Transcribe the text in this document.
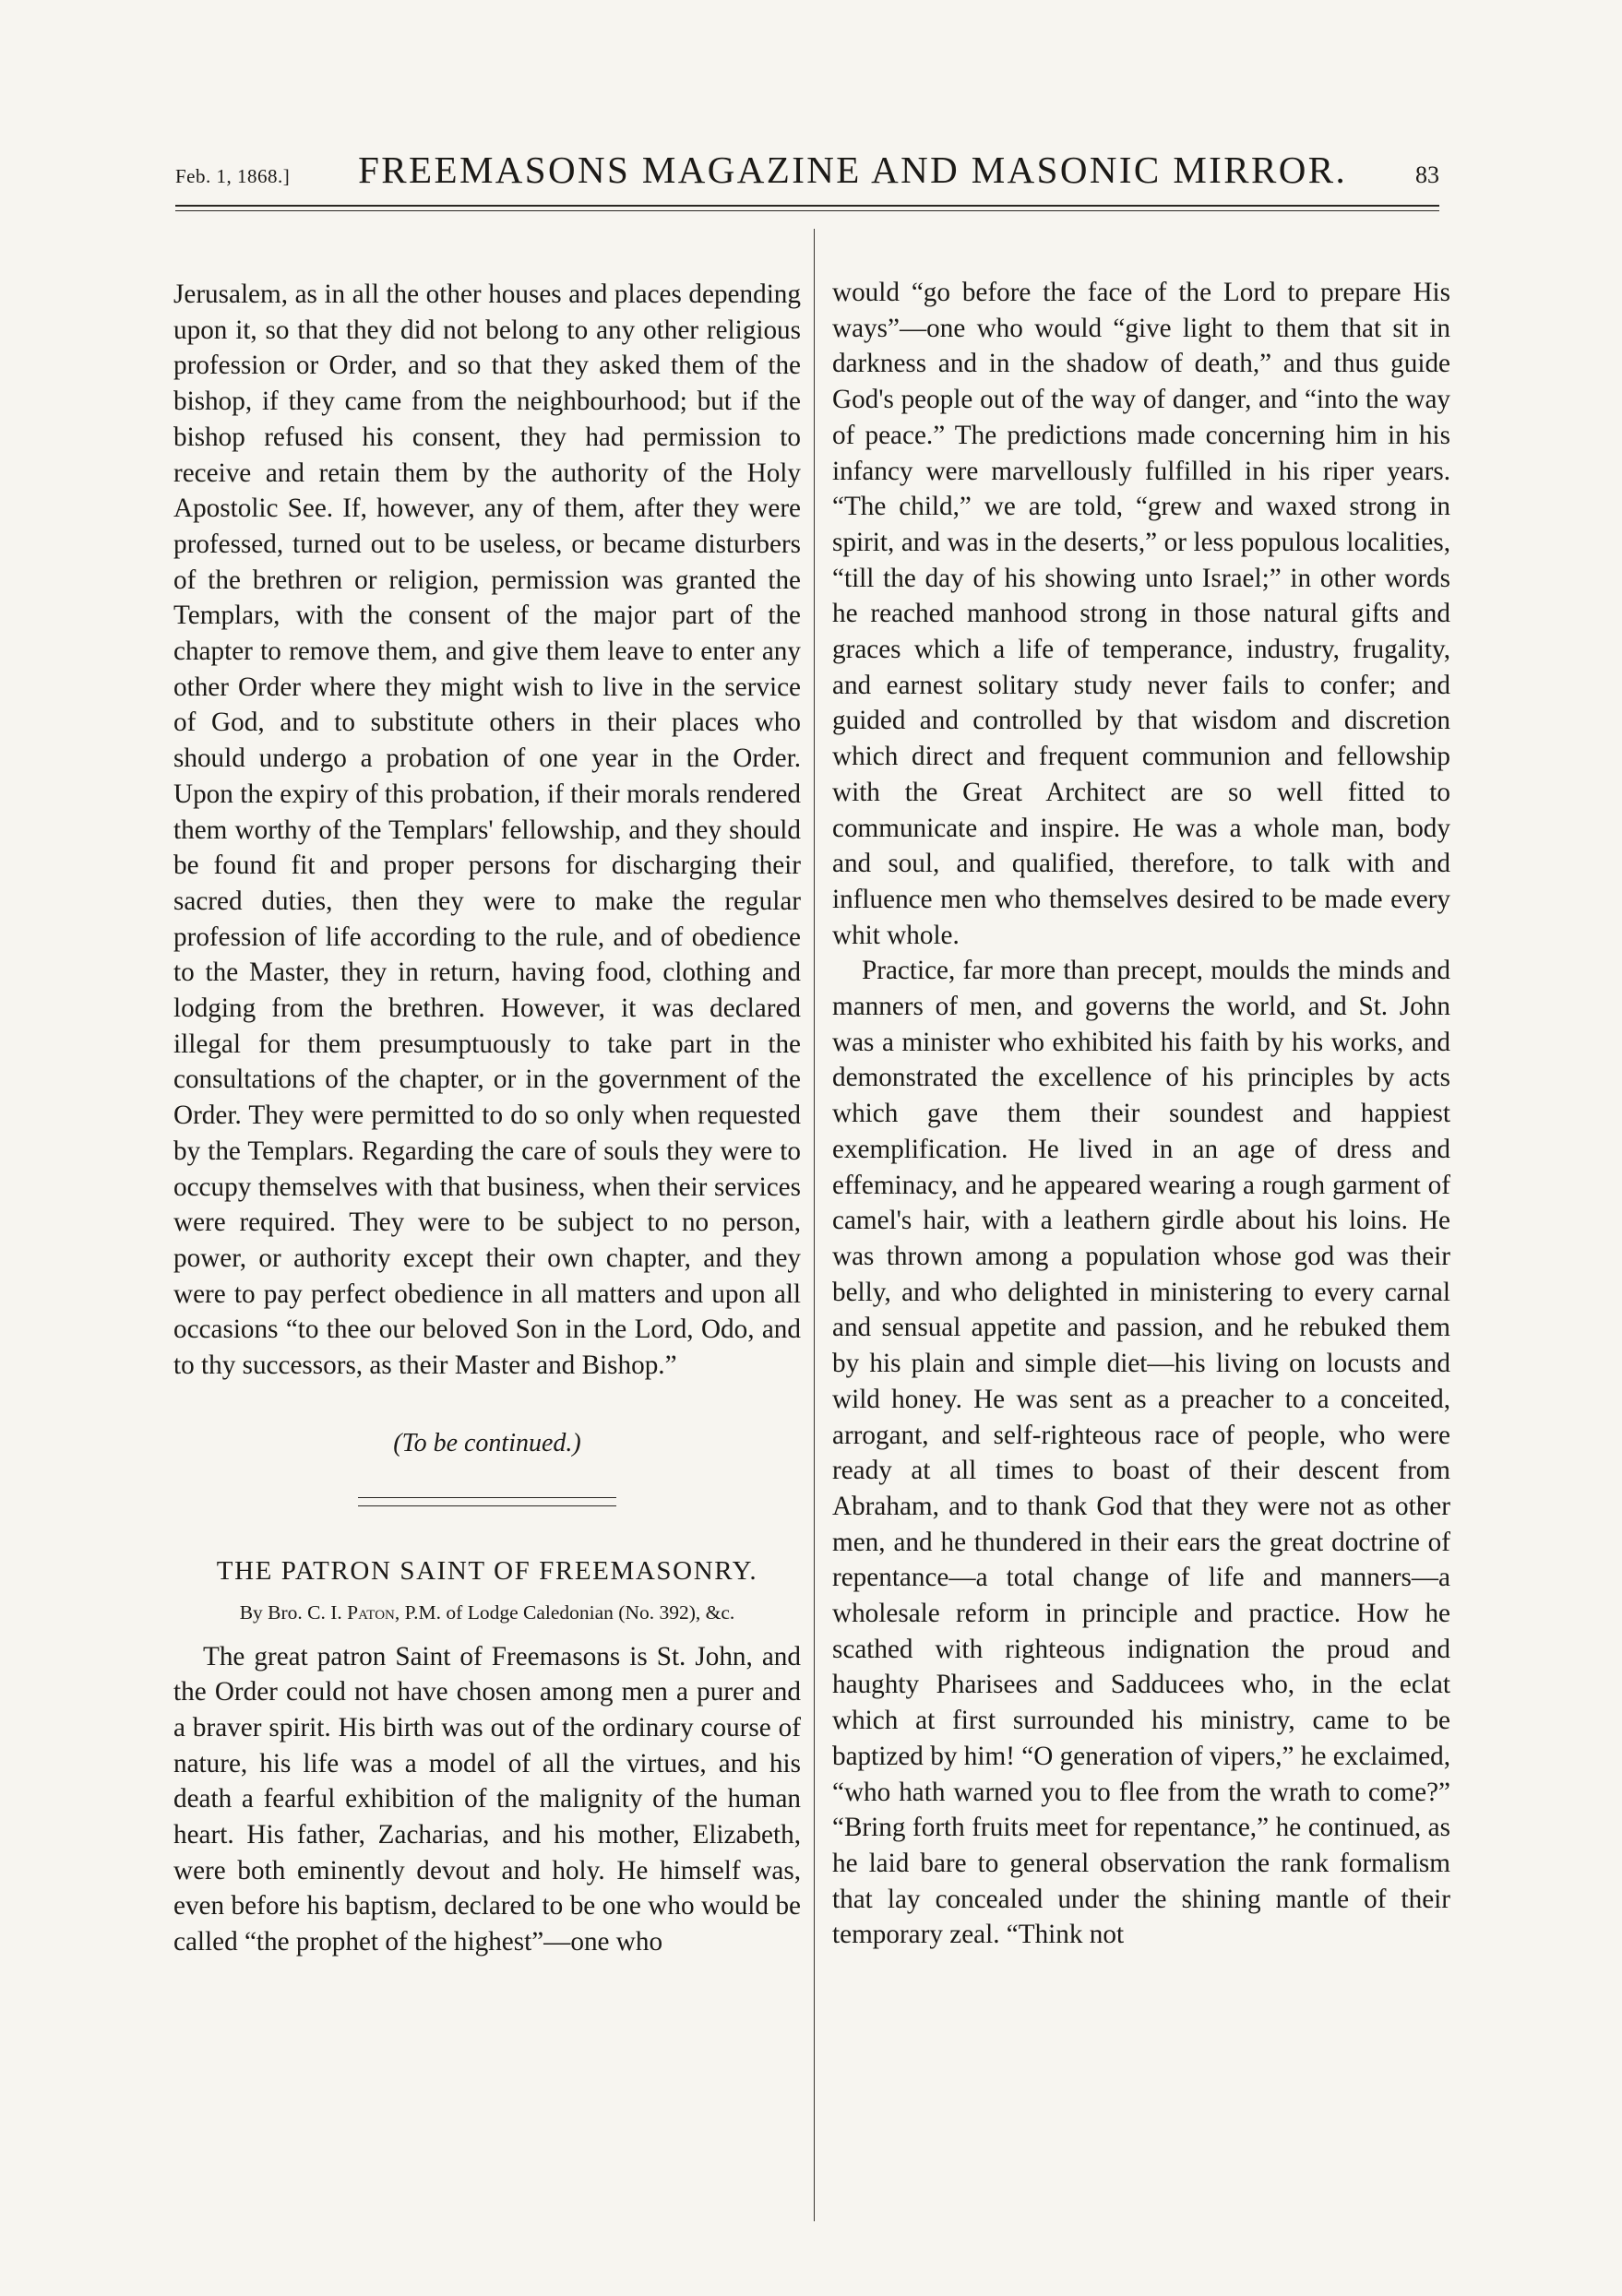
Feb. 1, 1868.] FREEMASONS MAGAZINE AND MASONIC MIRROR.	83

Jerusalem, as in all the other houses and places depending upon it, so that they did not belong to any other religious profession or Order, and so that they asked them of the bishop, if they came from the neighbourhood; but if the bishop refused his consent, they had permission to receive and retain them by the authority of the Holy Apostolic See. If, however, any of them, after they were professed, turned out to be useless, or became disturbers of the brethren or religion, permission was granted the Templars, with the consent of the major part of the chapter to remove them, and give them leave to enter any other Order where they might wish to live in the service of God, and to substitute others in their places who should undergo a probation of one year in the Order. Upon the expiry of this probation, if their morals rendered them worthy of the Templars' fellowship, and they should be found fit and proper persons for discharging their sacred duties, then they were to make the regular profession of life according to the rule, and of obedience to the Master, they in return, having food, clothing and lodging from the brethren. However, it was declared illegal for them presumptuously to take part in the consultations of the chapter, or in the government of the Order. They were permitted to do so only when requested by the Templars. Regarding the care of souls they were to occupy themselves with that business, when their services were required. They were to be subject to no person, power, or authority except their own chapter, and they were to pay perfect obedience in all matters and upon all occasions “to thee our beloved Son in the Lord, Odo, and to thy successors, as their Master and Bishop.”

(To be continued.)

THE PATRON SAINT OF FREEMASONRY.

By Bro. C. I. Paton, P.M. of Lodge Caledonian (No. 392), &c.

The great patron Saint of Freemasons is St. John, and the Order could not have chosen among men a purer and a braver spirit. His birth was out of the ordinary course of nature, his life was a model of all the virtues, and his death a fearful exhibition of the malignity of the human heart. His father, Zacharias, and his mother, Elizabeth, were both eminently devout and holy. He himself was, even before his baptism, declared to be one who would be called “the prophet of the highest”—one who

would “go before the face of the Lord to prepare His ways”—one who would “give light to them that sit in darkness and in the shadow of death,” and thus guide God's people out of the way of danger, and “into the way of peace.” The predictions made concerning him in his infancy were marvellously fulfilled in his riper years. “The child,” we are told, “grew and waxed strong in spirit, and was in the deserts,” or less populous localities, “till the day of his showing unto Israel;” in other words he reached manhood strong in those natural gifts and graces which a life of temperance, industry, frugality, and earnest solitary study never fails to confer; and guided and controlled by that wisdom and discretion which direct and frequent communion and fellowship with the Great Architect are so well fitted to communicate and inspire. He was a whole man, body and soul, and qualified, therefore, to talk with and influence men who themselves desired to be made every whit whole.

Practice, far more than precept, moulds the minds and manners of men, and governs the world, and St. John was a minister who exhibited his faith by his works, and demonstrated the excellence of his principles by acts which gave them their soundest and happiest exemplification. He lived in an age of dress and effeminacy, and he appeared wearing a rough garment of camel's hair, with a leathern girdle about his loins. He was thrown among a population whose god was their belly, and who delighted in ministering to every carnal and sensual appetite and passion, and he rebuked them by his plain and simple diet—his living on locusts and wild honey. He was sent as a preacher to a conceited, arrogant, and self-righteous race of people, who were ready at all times to boast of their descent from Abraham, and to thank God that they were not as other men, and he thundered in their ears the great doctrine of repentance—a total change of life and manners—a wholesale reform in principle and practice. How he scathed with righteous indignation the proud and haughty Pharisees and Sadducees who, in the eclat which at first surrounded his ministry, came to be baptized by him! “O generation of vipers,” he exclaimed, “who hath warned you to flee from the wrath to come?” “Bring forth fruits meet for repentance,” he continued, as he laid bare to general observation the rank formalism that lay concealed under the shining mantle of their temporary zeal. “Think not
